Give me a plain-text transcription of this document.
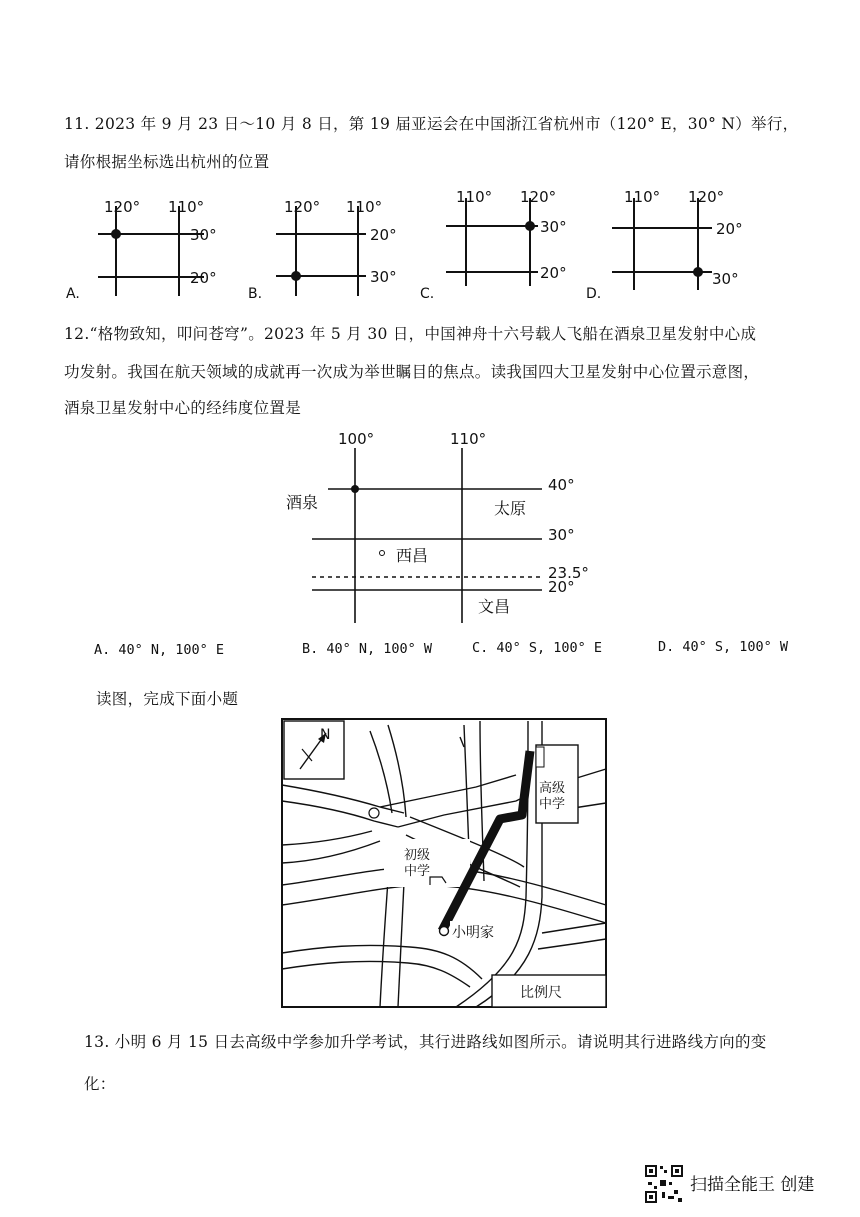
11. 2023 年 9 月 23 日～10 月 8 日，第 19 届亚运会在中国浙江省杭州市（120° E，30° N）举行，
请你根据坐标选出杭州的位置
120° 110°
30°
20°
A.
120° 110°
20°
30°
B.
110° 120°
30°
20°
C.
110° 120°
20°
30°
D.
12.“格物致知，叩问苍穹”。2023 年 5 月 30 日，中国神舟十六号载人飞船在酒泉卫星发射中心成
功发射。我国在航天领域的成就再一次成为举世瞩目的焦点。读我国四大卫星发射中心位置示意图，
酒泉卫星发射中心的经纬度位置是
100°	110°
40°
30°
23.5°
20°
酒泉	太原
西昌
文昌
A. 40° N, 100° E	B. 40° N, 100° W	C. 40° S, 100° E	D. 40° S, 100° W
读图，完成下面小题
N
高级
中学
初级
中学
小明家
比例尺
13. 小明 6 月 15 日去高级中学参加升学考试，其行进路线如图所示。请说明其行进路线方向的变
化：
扫描全能王 创建
